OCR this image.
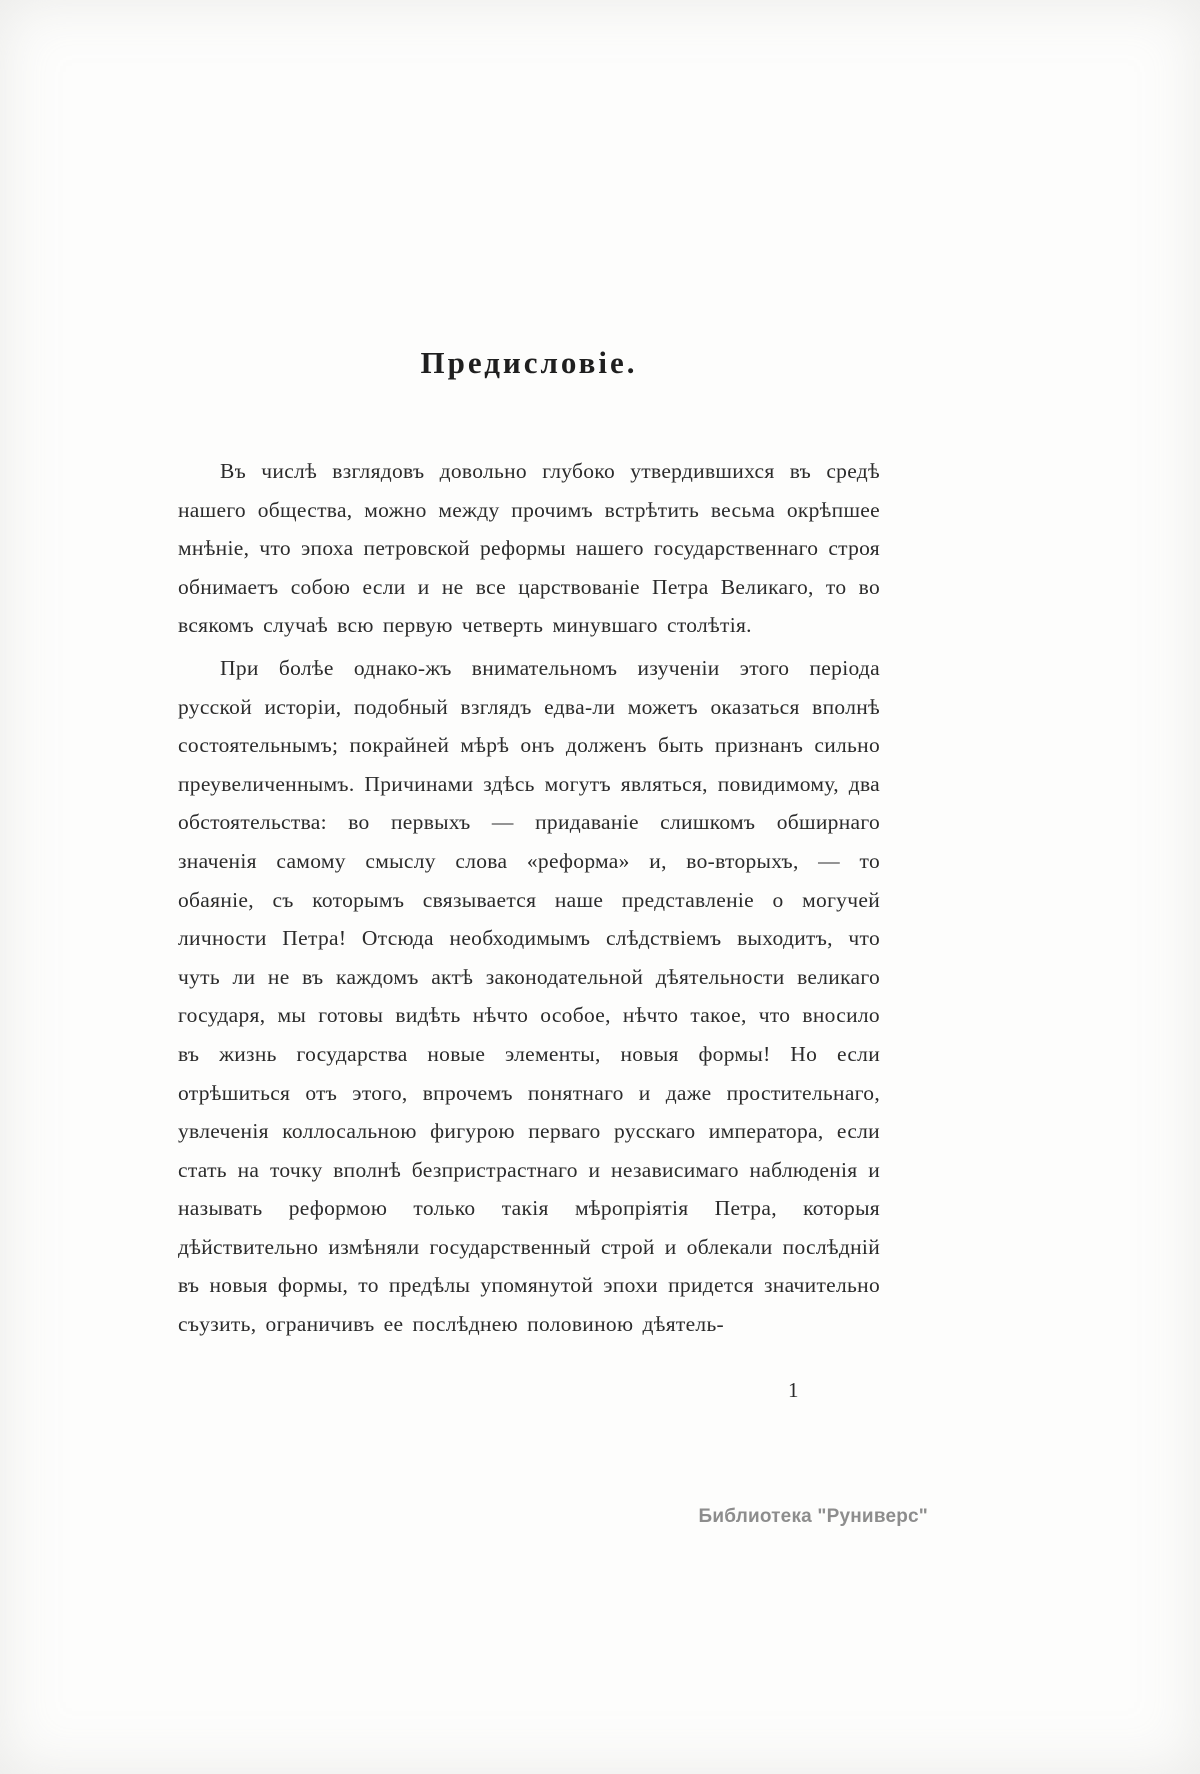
Предисловіе.

Въ числѣ взглядовъ довольно глубоко утвердившихся въ средѣ нашего общества, можно между прочимъ встрѣтить весьма окрѣпшее мнѣніе, что эпоха петровской реформы нашего государственнаго строя обнимаетъ собою если и не все царствованіе Петра Великаго, то во всякомъ случаѣ всю первую четверть минувшаго столѣтія.

При болѣе однако-жъ внимательномъ изученіи этого періода русской исторіи, подобный взглядъ едва-ли можетъ оказаться вполнѣ состоятельнымъ; покрайней мѣрѣ онъ долженъ быть признанъ сильно преувеличеннымъ. Причинами здѣсь могутъ являться, повидимому, два обстоятельства: во первыхъ — придаваніе слишкомъ обширнаго значенія самому смыслу слова «реформа» и, во-вторыхъ, — то обаяніе, съ которымъ связывается наше представленіе о могучей личности Петра! Отсюда необходимымъ слѣдствіемъ выходитъ, что чуть ли не въ каждомъ актѣ законодательной дѣятельности великаго государя, мы готовы видѣть нѣчто особое, нѣчто такое, что вносило въ жизнь государства новые элементы, новыя формы! Но если отрѣшиться отъ этого, впрочемъ понятнаго и даже простительнаго, увлеченія коллосальною фигурою перваго русскаго императора, если стать на точку вполнѣ безпристрастнаго и независимаго наблюденія и называть реформою только такія мѣропріятія Петра, которыя дѣйствительно измѣняли государственный строй и облекали послѣдній въ новыя формы, то предѣлы упомянутой эпохи придется значительно съузить, ограничивъ ее послѣднею половиною дѣятель-

1
Библиотека "Руниверс"
